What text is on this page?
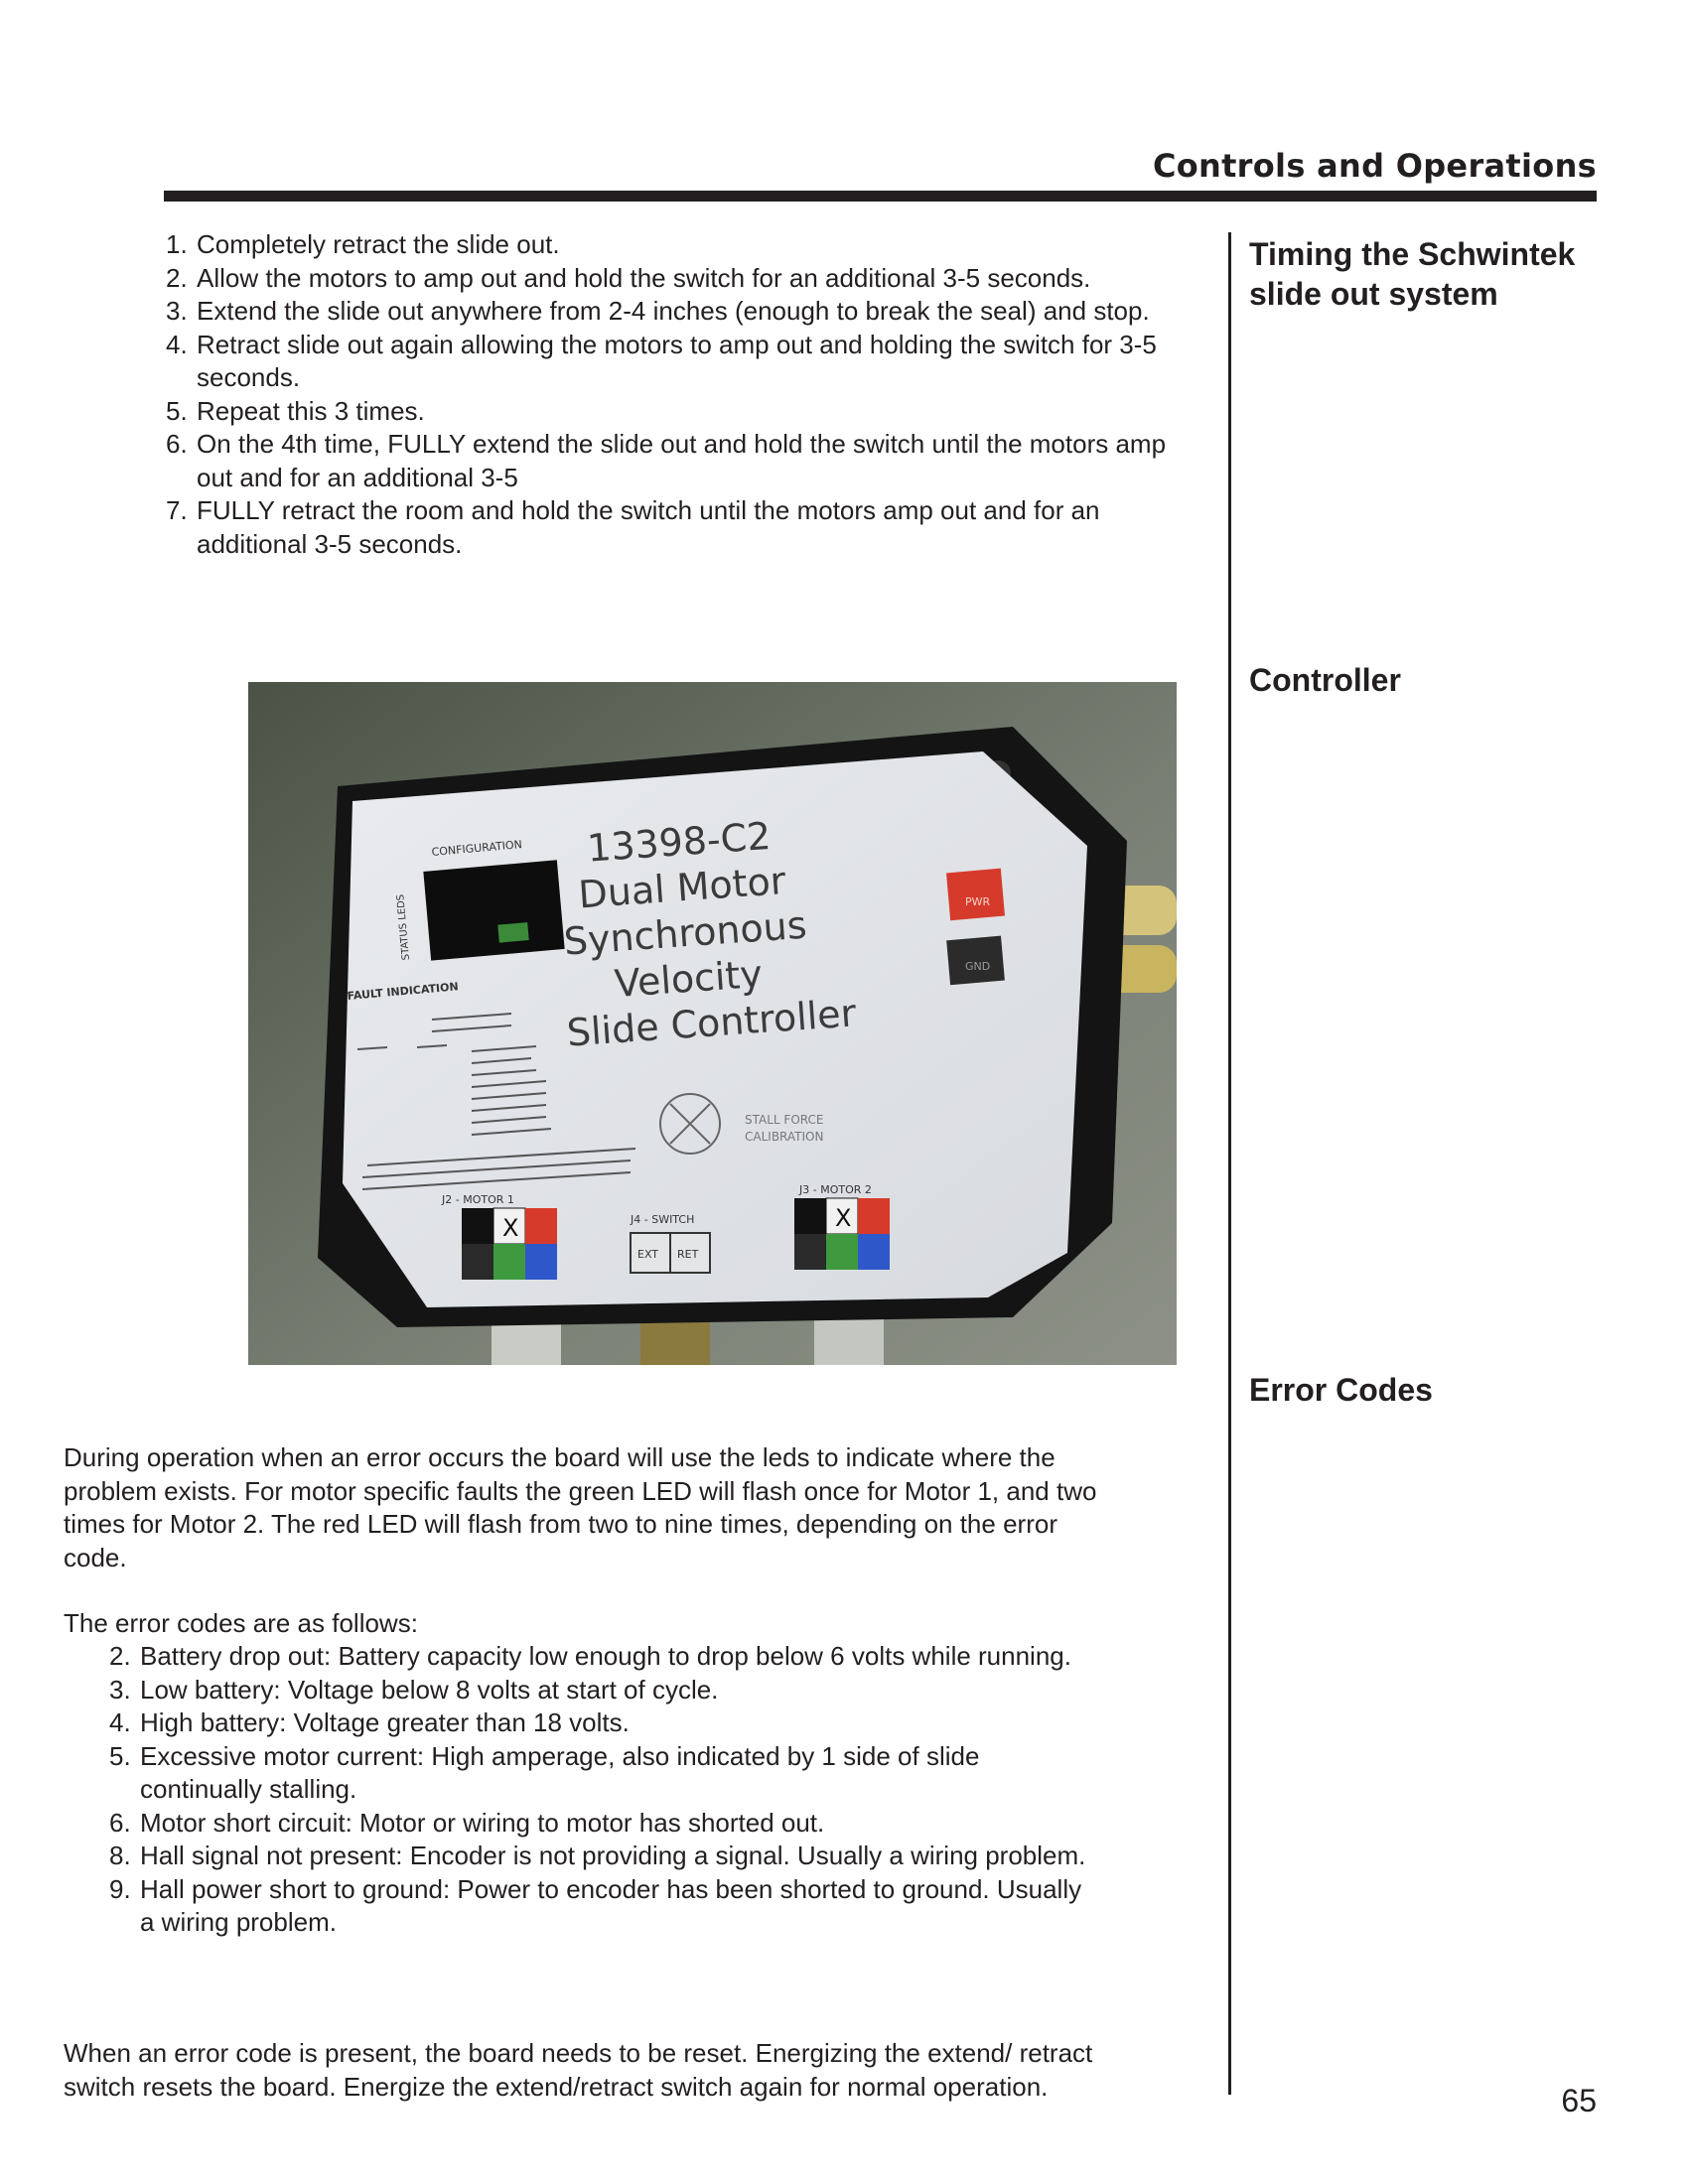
Controls and Operations
Timing the Schwintek slide out system
Controller
Error Codes
1. Completely retract the slide out.
2. Allow the motors to amp out and hold the switch for an additional 3-5 seconds.
3. Extend the slide out anywhere from 2-4 inches (enough to break the seal) and stop.
4. Retract slide out again allowing the motors to amp out and holding the switch for 3-5 seconds.
5. Repeat this 3 times.
6. On the 4th time, FULLY extend the slide out and hold the switch until the motors amp out and for an additional 3-5
7. FULLY retract the room and hold the switch until the motors amp out and for an additional 3-5 seconds.
CONFIGURATION
STATUS LEDS
FAULT INDICATION
13398-C2
Dual Motor
Synchronous
Velocity
Slide Controller
PWR
GND
STALL FORCE
CALIBRATION
J2 - MOTOR 1
J4 - SWITCH
J3 - MOTOR 2
X
EXT RET
X

During operation when an error occurs the board will use the leds to indicate where the problem exists. For motor specific faults the green LED will flash once for Motor 1, and two times for Motor 2. The red LED will flash from two to nine times, depending on the error code.

The error codes are as follows:

2. Battery drop out: Battery capacity low enough to drop below 6 volts while running.
3. Low battery: Voltage below 8 volts at start of cycle.
4. High battery: Voltage greater than 18 volts.
5. Excessive motor current: High amperage, also indicated by 1 side of slide continually stalling.
6. Motor short circuit: Motor or wiring to motor has shorted out.
8. Hall signal not present: Encoder is not providing a signal. Usually a wiring problem.
9. Hall power short to ground: Power to encoder has been shorted to ground. Usually a wiring problem.

When an error code is present, the board needs to be reset. Energizing the extend/ retract switch resets the board. Energize the extend/retract switch again for normal operation.	65
